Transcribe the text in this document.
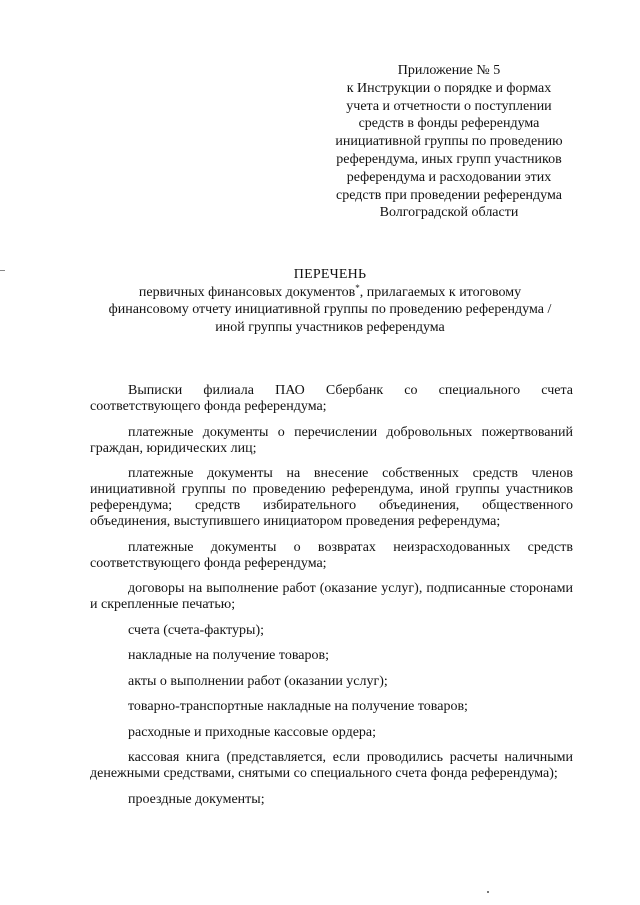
Приложение № 5
к Инструкции о порядке и формах
учета и отчетности о поступлении
средств в фонды референдума
инициативной группы по проведению
референдума, иных групп участников
референдума и расходовании этих
средств при проведении референдума
Волгоградской области
ПЕРЕЧЕНЬ
первичных финансовых документов*, прилагаемых к итоговому
финансовому отчету инициативной группы по проведению референдума /
иной группы участников референдума

Выписки филиала ПАО Сбербанк со специального счета соответствующего фонда референдума;

платежные документы о перечислении добровольных пожертвований граждан, юридических лиц;

платежные документы на внесение собственных средств членов инициативной группы по проведению референдума, иной группы участников референдума; средств избирательного объединения, общественного объединения, выступившего инициатором проведения референдума;

платежные документы о возвратах неизрасходованных средств соответствующего фонда референдума;

договоры на выполнение работ (оказание услуг), подписанные сторонами и скрепленные печатью;

счета (счета-фактуры);

накладные на получение товаров;

акты о выполнении работ (оказании услуг);

товарно-транспортные накладные на получение товаров;

расходные и приходные кассовые ордера;

кассовая книга (представляется, если проводились расчеты наличными денежными средствами, снятыми со специального счета фонда референдума);

проездные документы;
